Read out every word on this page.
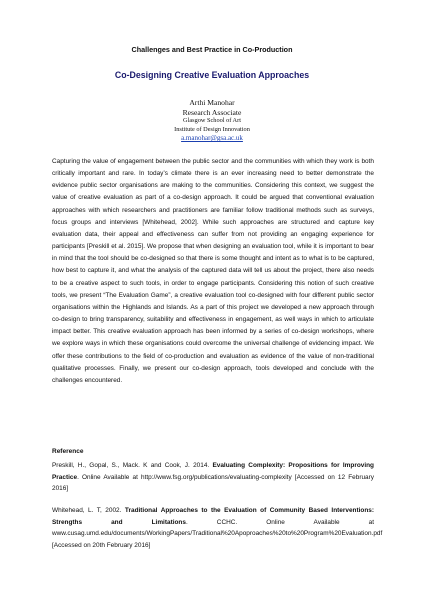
Challenges and Best Practice in Co-Production
Co-Designing Creative Evaluation Approaches
Arthi Manohar
Research Associate
Glasgow School of Art
Institute of Design Innovation
a.manohar@gsa.ac.uk
Capturing the value of engagement between the public sector and the communities with which they work is both critically important and rare. In today’s climate there is an ever increasing need to better demonstrate the evidence public sector organisations are making to the communities. Considering this context, we suggest the value of creative evaluation as part of a co-design approach. It could be argued that conventional evaluation approaches with which researchers and practitioners are familiar follow traditional methods such as surveys, focus groups and interviews [Whitehead, 2002]. While such approaches are structured and capture key evaluation data, their appeal and effectiveness can suffer from not providing an engaging experience for participants [Preskill et al. 2015]. We propose that when designing an evaluation tool, while it is important to bear in mind that the tool should be co-designed so that there is some thought and intent as to what is to be captured, how best to capture it, and what the analysis of the captured data will tell us about the project, there also needs to be a creative aspect to such tools, in order to engage participants. Considering this notion of such creative tools, we present “The Evaluation Game”, a creative evaluation tool co-designed with four different public sector organisations within the Highlands and Islands. As a part of this project we developed a new approach through co-design to bring transparency, suitability and effectiveness in engagement, as well ways in which to articulate impact better. This creative evaluation approach has been informed by a series of co-design workshops, where we explore ways in which these organisations could overcome the universal challenge of evidencing impact. We offer these contributions to the field of co-production and evaluation as evidence of the value of non-traditional qualitative processes. Finally, we present our co-design approach, tools developed and conclude with the challenges encountered.
Reference
Preskill, H., Gopal, S., Mack. K and Cook, J. 2014. Evaluating Complexity: Propositions for Improving Practice. Online Available at http://www.fsg.org/publications/evaluating-complexity [Accessed on 12 February 2016]
Whitehead, L. T, 2002. Traditional Approaches to the Evaluation of Community Based Interventions: Strengths and Limitations. CCHC. Online Available at www.cusag.umd.edu/documents/WorkingPapers/Traditional%20Apoproaches%20to%20Program%20Evaluation.pdf [Accessed on 20th February 2016]
